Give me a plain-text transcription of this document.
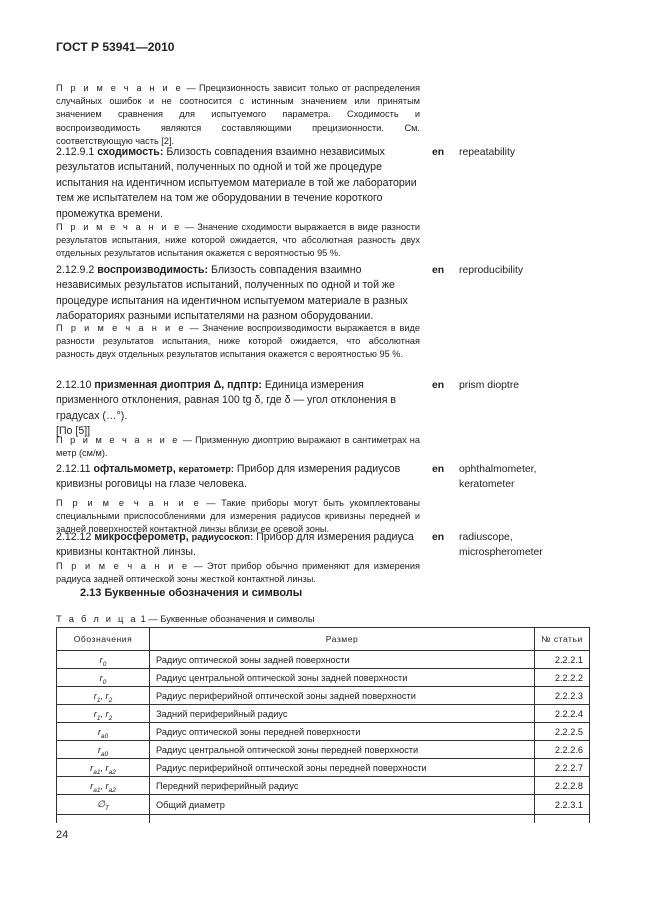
ГОСТ Р 53941—2010
П р и м е ч а н и е — Прецизионность зависит только от распределения случайных ошибок и не соотносится с истинным значением или принятым значением сравнения для испытуемого параметра. Сходимость и воспроизводимость являются составляющими прецизионности. См. соответствующую часть [2].
2.12.9.1 сходимость: Близость совпадения взаимно независимых результатов испытаний, полученных по одной и той же процедуре испытания на идентичном испытуемом материале в той же лаборатории тем же испытателем на том же оборудовании в течение короткого промежутка времени.
en repeatability
П р и м е ч а н и е — Значение сходимости выражается в виде разности результатов испытания, ниже которой ожидается, что абсолютная разность двух отдельных результатов испытания окажется с вероятностью 95 %.
2.12.9.2 воспроизводимость: Близость совпадения взаимно независимых результатов испытаний, полученных по одной и той же процедуре испытания на идентичном испытуемом материале в разных лабораториях разными испытателями на разном оборудовании.
en reproducibility
П р и м е ч а н и е — Значение воспроизводимости выражается в виде разности результатов испытания, ниже которой ожидается, что абсолютная разность двух отдельных результатов испытания окажется с вероятностью 95 %.
2.12.10 призменная диоптрия Δ, пдптр: Единица измерения призменного отклонения, равная 100 tg δ, где δ — угол отклонения в градусах (…°).
[По [5]]
en prism dioptre
П р и м е ч а н и е — Призменную диоптрию выражают в сантиметрах на метр (см/м).
2.12.11 офтальмометр, кератометр: Прибор для измерения радиусов кривизны роговицы на глазе человека.
en ophthalmometer,
keratometer
П р и м е ч а н и е — Такие приборы могут быть укомплектованы специальными приспособлениями для измерения радиусов кривизны передней и задней поверхностей контактной линзы вблизи ее осевой зоны.
2.12.12 микросферометр, радиусоскоп: Прибор для измерения радиуса кривизны контактной линзы.
en radiuscope,
microspherometer
П р и м е ч а н и е — Этот прибор обычно применяют для измерения радиуса задней оптической зоны жесткой контактной линзы.
2.13 Буквенные обозначения и символы
Т а б л и ц а 1 — Буквенные обозначения и символы
Обозначения	Размер	№ статьи
$r_0$	Радиус оптической зоны задней поверхности	2.2.2.1
$r_0$	Радиус центральной оптической зоны задней поверхности	2.2.2.2
$r_1$, $r_2$	Радиус периферийной оптической зоны задней поверхности	2.2.2.3
$r_1$, $r_2$	Задний периферийный радиус	2.2.2.4
$r_{a0}$	Радиус оптической зоны передней поверхности	2.2.2.5
$r_{a0}$	Радиус центральной оптической зоны передней поверхности	2.2.2.6
$r_{a1}$, $r_{a2}$	Радиус периферийной оптической зоны передней поверхности	2.2.2.7
$r_{a1}$, $r_{a2}$	Передний периферийный радиус	2.2.2.8
$\emptyset_T$	Общий диаметр	2.2.3.1

24
